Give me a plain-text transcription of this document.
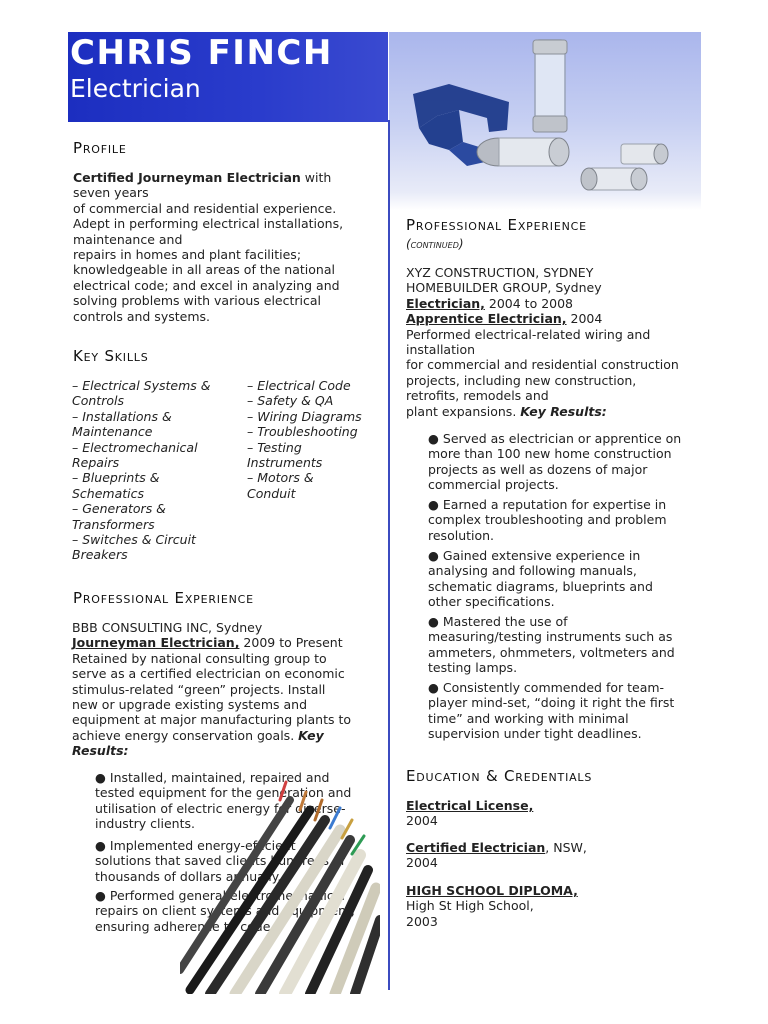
CHRIS FINCH
Electrician
Profile
Certified Journeyman Electrician with
seven years
of commercial and residential experience.
Adept in performing electrical installations,
maintenance and
repairs in homes and plant facilities;
knowledgeable in all areas of the national
electrical code; and excel in analyzing and
solving problems with various electrical
controls and systems.
Key Skills
– Electrical Systems &
Controls
– Installations &
Maintenance
– Electromechanical
Repairs
– Blueprints &
Schematics
– Generators &
Transformers
– Switches & Circuit
Breakers
– Electrical Code
– Safety & QA
– Wiring Diagrams
– Troubleshooting
– Testing
Instruments
– Motors &
Conduit
Professional Experience
BBB CONSULTING INC, Sydney
Journeyman Electrician, 2009 to Present
Retained by national consulting group to
serve as a certified electrician on economic
stimulus-related “green” projects. Install
new or upgrade existing systems and
equipment at major manufacturing plants to
achieve energy conservation goals. Key
Results:
● Installed, maintained, repaired and
tested equipment for the generation and
utilisation of electric energy for diverse-
industry clients.
● Implemented energy-efficient
solutions that saved clients hundreds of
thousands of dollars annually.
● Performed general electromechanical
repairs on client systems and equipment,
ensuring adherence to code.
Professional Experience
(continued)
XYZ CONSTRUCTION, SYDNEY
HOMEBUILDER GROUP, Sydney
Electrician, 2004 to 2008
Apprentice Electrician, 2004
Performed electrical-related wiring and
installation
for commercial and residential construction
projects, including new construction,
retrofits, remodels and
plant expansions. Key Results:
● Served as electrician or apprentice on
more than 100 new home construction
projects as well as dozens of major
commercial projects.
● Earned a reputation for expertise in
complex troubleshooting and problem
resolution.
● Gained extensive experience in
analysing and following manuals,
schematic diagrams, blueprints and
other specifications.
● Mastered the use of
measuring/testing instruments such as
ammeters, ohmmeters, voltmeters and
testing lamps.
● Consistently commended for team-
player mind-set, “doing it right the first
time” and working with minimal
supervision under tight deadlines.
Education & Credentials
Electrical License,
2004
Certified Electrician, NSW,
2004
HIGH SCHOOL DIPLOMA,
High St High School,
2003
